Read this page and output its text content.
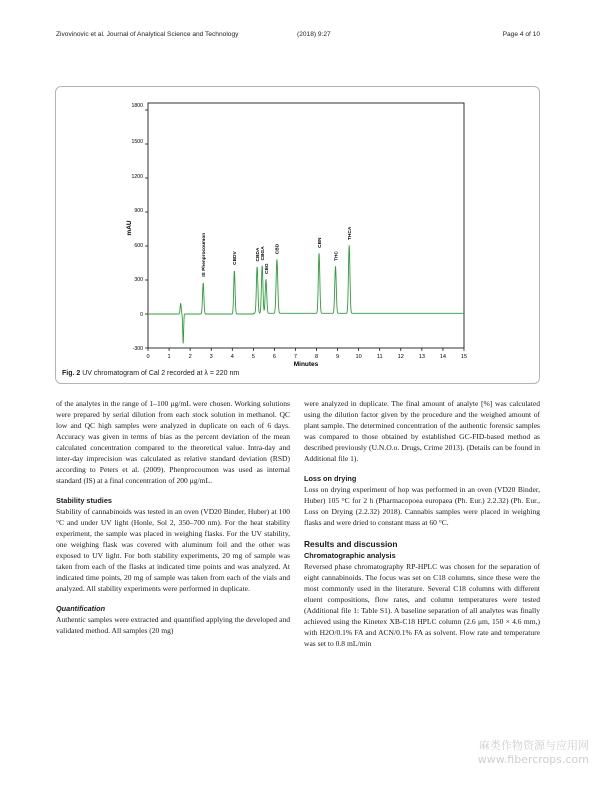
Zivovinovic et al. Journal of Analytical Science and Technology	(2018) 9:27	Page 4 of 10
-300
0
600
900
1200
1500
1800
300
0	1	2	3	4	5	6	7	8	9	10	11	12	13	14	15
Minutes
mAU
IS Phenprocoumon	CBDV	CBDA CBGA
CBG
CBD
CBN
THC
THCA
Fig. 2 UV chromatogram of Cal 2 recorded at λ = 220 nm

of the analytes in the range of 1–100 μg/mL were chosen. Working solutions were prepared by serial dilution from each stock solution in methanol. QC low and QC high samples were analyzed in duplicate on each of 6 days. Accuracy was given in terms of bias as the percent deviation of the mean calculated concentration compared to the theoretical value. Intra-day and inter-day imprecision was calculated as relative standard deviation (RSD) according to Peters et al. (2009). Phenprocoumon was used as internal standard (IS) at a final concentration of 200 μg/mL.

Stability studies

Stability of cannabinoids was tested in an oven (VD20 Binder, Huber) at 100 °C and under UV light (Honle, Sol 2, 350–700 nm). For the heat stability experiment, the sample was placed in weighing flasks. For the UV stability, one weighing flask was covered with aluminum foil and the other was exposed to UV light. For both stability experiments, 20 mg of sample was taken from each of the flasks at indicated time points and was analyzed. At indicated time points, 20 mg of sample was taken from each of the vials and analyzed. All stability experiments were performed in duplicate.

Quantification

Authentic samples were extracted and quantified applying the developed and validated method. All samples (20 mg)

were analyzed in duplicate. The final amount of analyte [%] was calculated using the dilution factor given by the procedure and the weighed amount of plant sample. The determined concentration of the authentic forensic samples was compared to those obtained by established GC-FID-based method as described previously (U.N.O.o. Drugs, Crime 2013). (Details can be found in Additional file 1).

Loss on drying

Loss on drying experiment of hop was performed in an oven (VD20 Binder, Huber) 105 °C for 2 h (Pharmacopoea europaea (Ph. Eur.) 2.2.32) (Ph. Eur., Loss on Drying (2.2.32) 2018). Cannabis samples were placed in weighing flasks and were dried to constant mass at 60 °C.

Results and discussion

Chromatographic analysis

Reversed phase chromatography RP-HPLC was chosen for the separation of eight cannabinoids. The focus was set on C18 columns, since these were the most commonly used in the literature. Several C18 columns with different eluent compositions, flow rates, and column temperatures were tested (Additional file 1: Table S1). A baseline separation of all analytes was finally achieved using the Kinetex XB-C18 HPLC column (2.6 μm, 150 × 4.6 mm,) with H2O/0.1% FA and ACN/0.1% FA as solvent. Flow rate and temperature was set to 0.8 mL/min

麻类作物资源与应用网
www.fibercrops.com
